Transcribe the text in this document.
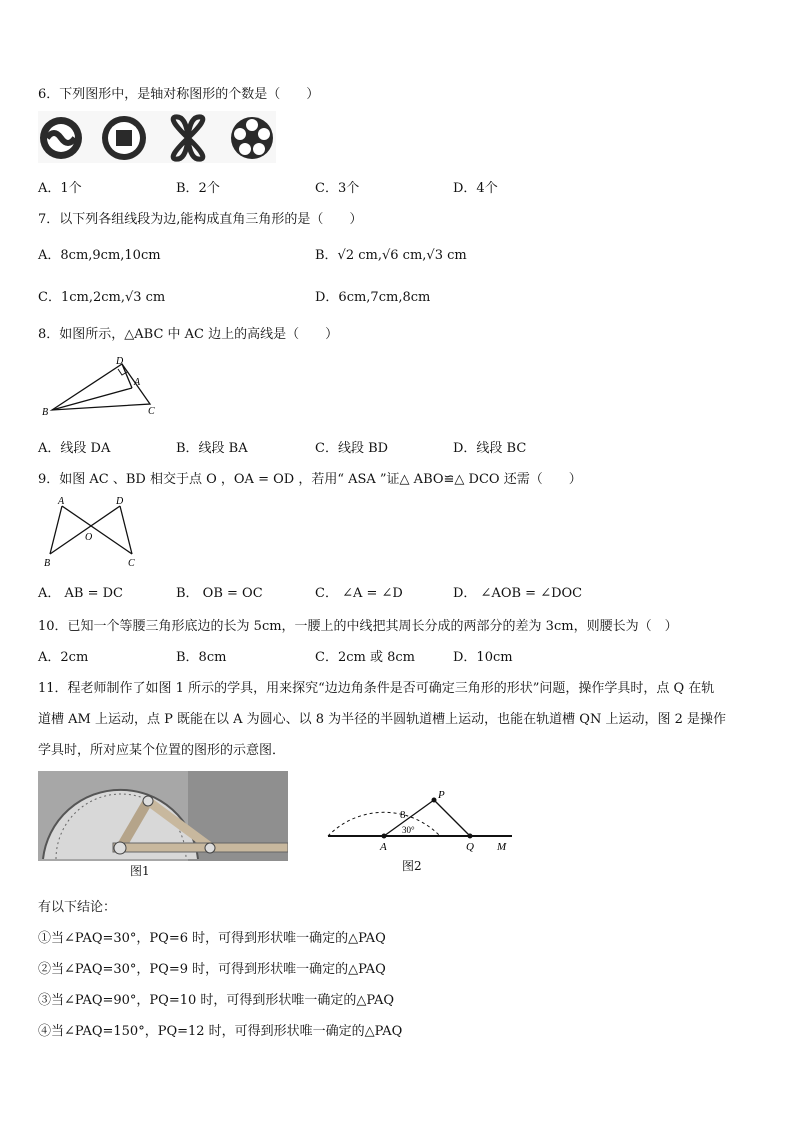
6．下列图形中，是轴对称图形的个数是（　　）
A．1个	B．2个	C．3个	D．4个
7．以下列各组线段为边,能构成直角三角形的是（　　）
A．8cm,9cm,10cm	B．√2 cm,√6 cm,√3 cm
C．1cm,2cm,√3 cm	D．6cm,7cm,8cm
8．如图所示，△ABC 中 AC 边上的高线是（　　）
D
A
B	C
A．线段 DA	B．线段 BA	C．线段 BD	D．线段 BC
9．如图 AC 、BD 相交于点 O ，OA = OD ，若用“ ASA ”证△ ABO≌△ DCO 还需（　　）
A	D
O
B	C
A． AB = DC	B． OB = OC	C． ∠A = ∠D	D． ∠AOB = ∠DOC
10．已知一个等腰三角形底边的长为 5cm，一腰上的中线把其周长分成的两部分的差为 3cm，则腰长为（　）
A．2cm	B．8cm	C．2cm 或 8cm	D．10cm
11．程老师制作了如图 1 所示的学具，用来探究“边边角条件是否可确定三角形的形状”问题，操作学具时，点 Q 在轨
道槽 AM 上运动，点 P 既能在以 A 为圆心、以 8 为半径的半圆轨道槽上运动，也能在轨道槽 QN 上运动，图 2 是操作
学具时，所对应某个位置的图形的示意图．
图1
P
8
30°
A	Q M
图2
有以下结论：
①当∠PAQ=30°，PQ=6 时，可得到形状唯一确定的△PAQ
②当∠PAQ=30°，PQ=9 时，可得到形状唯一确定的△PAQ
③当∠PAQ=90°，PQ=10 时，可得到形状唯一确定的△PAQ
④当∠PAQ=150°，PQ=12 时，可得到形状唯一确定的△PAQ
